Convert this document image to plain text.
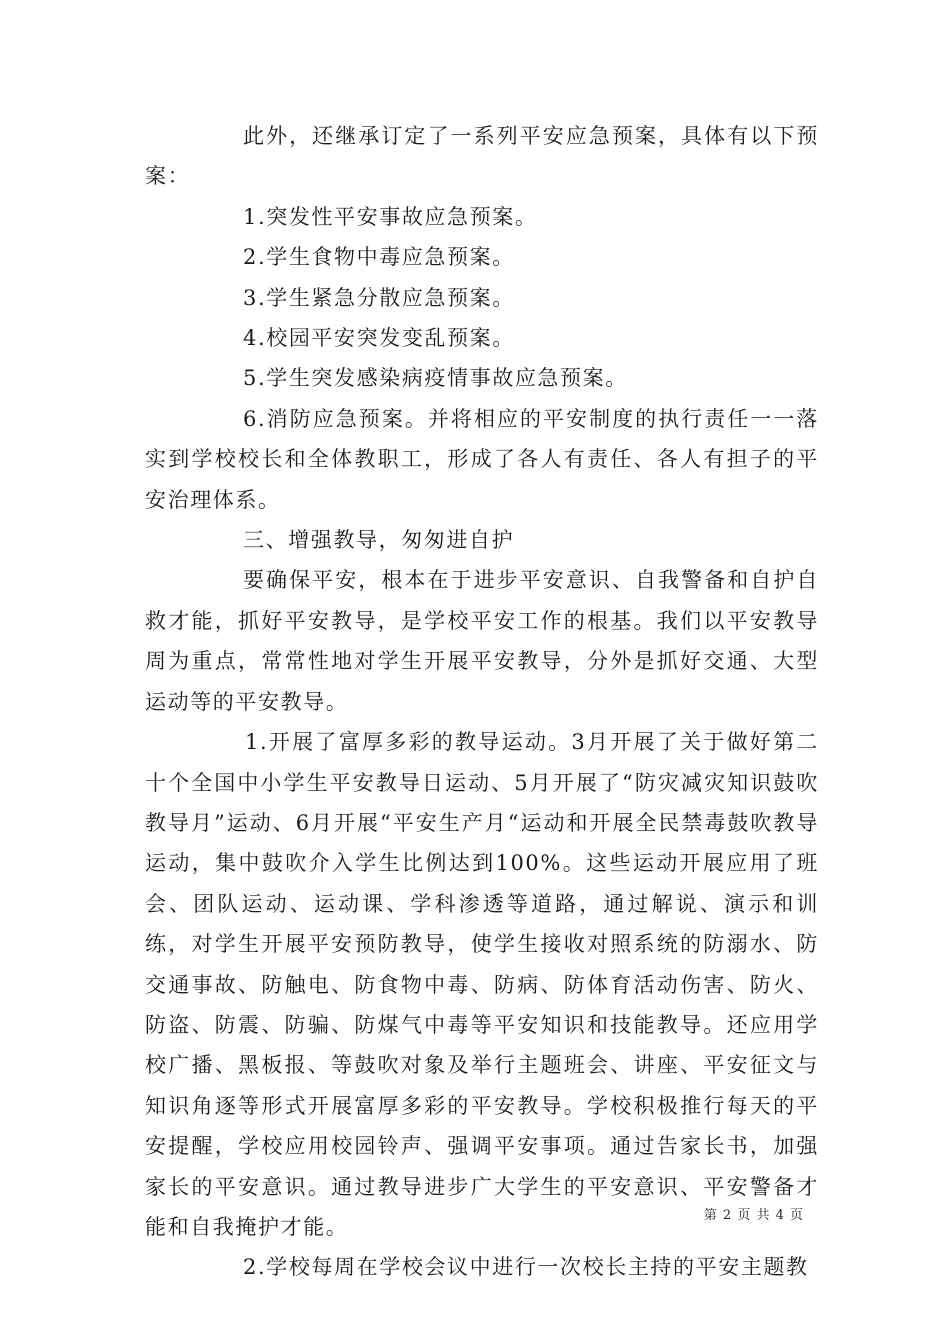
此外，还继承订定了一系列平安应急预案，具体有以下预案：

1.突发性平安事故应急预案。

2.学生食物中毒应急预案。

3.学生紧急分散应急预案。

4.校园平安突发变乱预案。

5.学生突发感染病疫情事故应急预案。

6.消防应急预案。并将相应的平安制度的执行责任一一落实到学校校长和全体教职工，形成了各人有责任、各人有担子的平安治理体系。

三、增强教导，匆匆进自护

要确保平安，根本在于进步平安意识、自我警备和自护自救才能，抓好平安教导，是学校平安工作的根基。我们以平安教导周为重点，常常性地对学生开展平安教导，分外是抓好交通、大型运动等的平安教导。

1.开展了富厚多彩的教导运动。3月开展了关于做好第二十个全国中小学生平安教导日运动、5月开展了“防灾减灾知识鼓吹教导月”运动、6月开展“平安生产月“运动和开展全民禁毒鼓吹教导运动，集中鼓吹介入学生比例达到100%。这些运动开展应用了班会、团队运动、运动课、学科渗透等道路，通过解说、演示和训练，对学生开展平安预防教导，使学生接收对照系统的防溺水、防交通事故、防触电、防食物中毒、防病、防体育活动伤害、防火、防盗、防震、防骗、防煤气中毒等平安知识和技能教导。还应用学校广播、黑板报、等鼓吹对象及举行主题班会、讲座、平安征文与知识角逐等形式开展富厚多彩的平安教导。学校积极推行每天的平安提醒，学校应用校园铃声、强调平安事项。通过告家长书，加强家长的平安意识。通过教导进步广大学生的平安意识、平安警备才能和自我掩护才能。

2.学校每周在学校会议中进行一次校长主持的平安主题教

第 2 页 共 4 页
